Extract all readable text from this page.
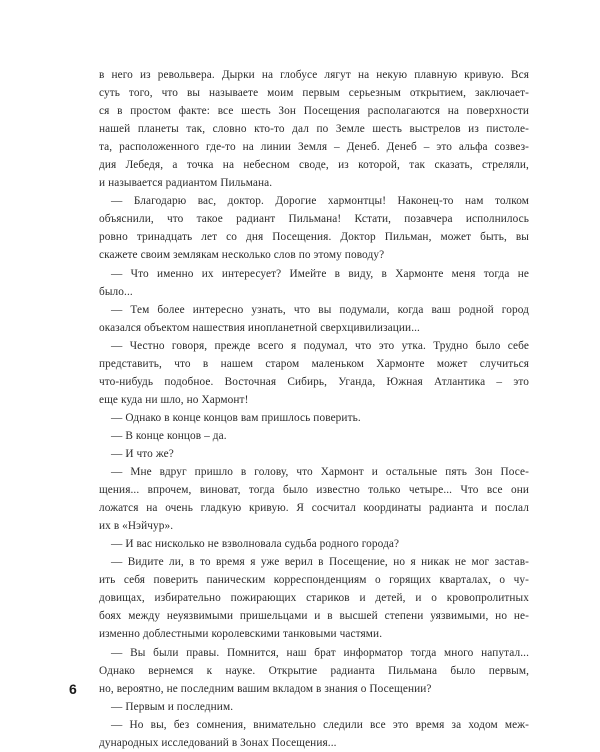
в него из револьвера. Дырки на глобусе лягут на некую плавную кривую. Вся

суть того, что вы называете моим первым серьезным открытием, заключает-

ся в простом факте: все шесть Зон Посещения располагаются на поверхности

нашей планеты так, словно кто-то дал по Земле шесть выстрелов из пистоле-

та, расположенного где-то на линии Земля – Денеб. Денеб – это альфа созвез-

дия Лебедя, а точка на небесном своде, из которой, так сказать, стреляли,

и называется радиантом Пильмана.

— Благодарю вас, доктор. Дорогие хармонтцы! Наконец-то нам толком

объяснили, что такое радиант Пильмана! Кстати, позавчера исполнилось

ровно тринадцать лет со дня Посещения. Доктор Пильман, может быть, вы

скажете своим землякам несколько слов по этому поводу?

— Что именно их интересует? Имейте в виду, в Хармонте меня тогда не

было...

— Тем более интересно узнать, что вы подумали, когда ваш родной город

оказался объектом нашествия инопланетной сверхцивилизации...

— Честно говоря, прежде всего я подумал, что это утка. Трудно было себе

представить, что в нашем старом маленьком Хармонте может случиться

что-нибудь подобное. Восточная Сибирь, Уганда, Южная Атлантика – это

еще куда ни шло, но Хармонт!

— Однако в конце концов вам пришлось поверить.

— В конце концов – да.

— И что же?

— Мне вдруг пришло в голову, что Хармонт и остальные пять Зон Посе-

щения... впрочем, виноват, тогда было известно только четыре... Что все они

ложатся на очень гладкую кривую. Я сосчитал координаты радианта и послал

их в «Нэйчур».

— И вас нисколько не взволновала судьба родного города?

— Видите ли, в то время я уже верил в Посещение, но я никак не мог застав-

ить себя поверить паническим корреспонденциям о горящих кварталах, о чу-

довищах, избирательно пожирающих стариков и детей, и о кровопролитных

боях между неуязвимыми пришельцами и в высшей степени уязвимыми, но не-

изменно доблестными королевскими танковыми частями.

— Вы были правы. Помнится, наш брат информатор тогда много напутал...

Однако вернемся к науке. Открытие радианта Пильмана было первым,

но, вероятно, не последним вашим вкладом в знания о Посещении?

— Первым и последним.

— Но вы, без сомнения, внимательно следили все это время за ходом меж-

дународных исследований в Зонах Посещения...

6
